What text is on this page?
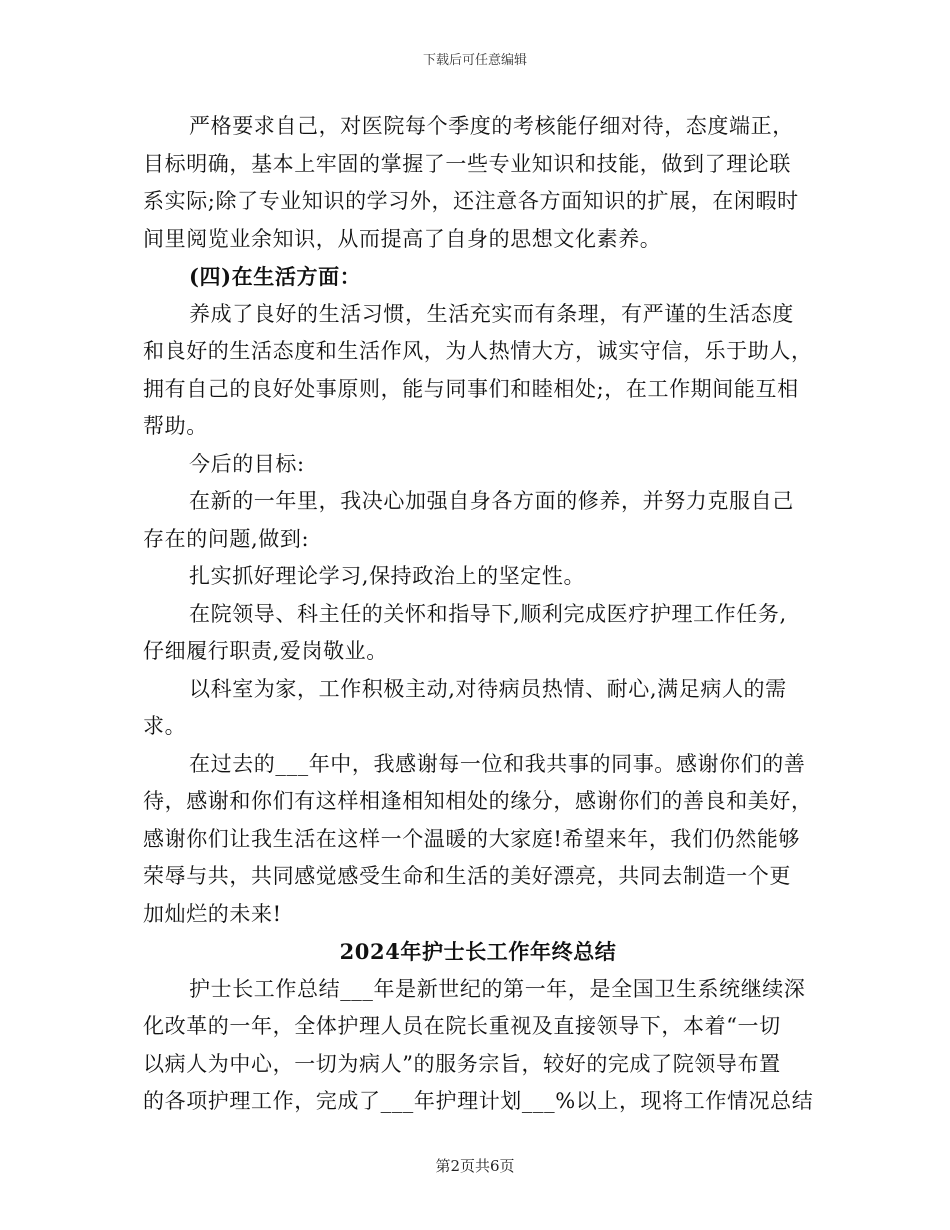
下载后可任意编辑
严格要求自己，对医院每个季度的考核能仔细对待，态度端正，
目标明确，基本上牢固的掌握了一些专业知识和技能，做到了理论联
系实际;除了专业知识的学习外，还注意各方面知识的扩展，在闲暇时
间里阅览业余知识，从而提高了自身的思想文化素养。
(四)在生活方面：
养成了良好的生活习惯，生活充实而有条理，有严谨的生活态度
和良好的生活态度和生活作风，为人热情大方，诚实守信，乐于助人，
拥有自己的良好处事原则，能与同事们和睦相处;，在工作期间能互相
帮助。
今后的目标:
在新的一年里，我决心加强自身各方面的修养，并努力克服自己
存在的问题,做到:
扎实抓好理论学习,保持政治上的坚定性。
在院领导、科主任的关怀和指导下,顺利完成医疗护理工作任务,
仔细履行职责,爱岗敬业。
以科室为家，工作积极主动,对待病员热情、耐心,满足病人的需
求。
在过去的___年中，我感谢每一位和我共事的同事。感谢你们的善
待，感谢和你们有这样相逢相知相处的缘分，感谢你们的善良和美好，
感谢你们让我生活在这样一个温暖的大家庭!希望来年，我们仍然能够
荣辱与共，共同感觉感受生命和生活的美好漂亮，共同去制造一个更
加灿烂的未来!
2024年护士长工作年终总结
护士长工作总结___年是新世纪的第一年，是全国卫生系统继续深
化改革的一年，全体护理人员在院长重视及直接领导下，本着“一切
以病人为中心，一切为病人”的服务宗旨，较好的完成了院领导布置
的各项护理工作，完成了___年护理计划___%以上，现将工作情况总结
第2页共6页
